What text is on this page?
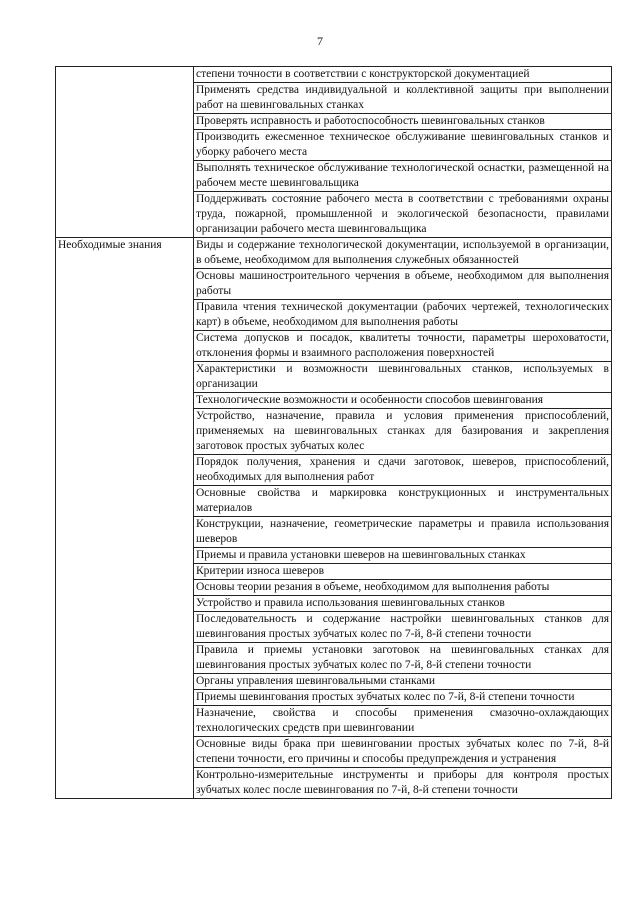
7
	степени точности в соответствии с конструкторской документацией
	Применять средства индивидуальной и коллективной защиты при выполнении работ на шевинговальных станках
	Проверять исправность и работоспособность шевинговальных станков
	Производить ежесменное техническое обслуживание шевинговальных станков и уборку рабочего места
	Выполнять техническое обслуживание технологической оснастки, размещенной на рабочем месте шевинговальщика
	Поддерживать состояние рабочего места в соответствии с требованиями охраны труда, пожарной, промышленной и экологической безопасности, правилами организации рабочего места шевинговальщика
Необходимые знания	Виды и содержание технологической документации, используемой в организации, в объеме, необходимом для выполнения служебных обязанностей
	Основы машиностроительного черчения в объеме, необходимом для выполнения работы
	Правила чтения технической документации (рабочих чертежей, технологических карт) в объеме, необходимом для выполнения работы
	Система допусков и посадок, квалитеты точности, параметры шероховатости, отклонения формы и взаимного расположения поверхностей
	Характеристики и возможности шевинговальных станков, используемых в организации
	Технологические возможности и особенности способов шевингования
	Устройство, назначение, правила и условия применения приспособлений, применяемых на шевинговальных станках для базирования и закрепления заготовок простых зубчатых колес
	Порядок получения, хранения и сдачи заготовок, шеверов, приспособлений, необходимых для выполнения работ
	Основные свойства и маркировка конструкционных и инструментальных материалов
	Конструкции, назначение, геометрические параметры и правила использования шеверов
	Приемы и правила установки шеверов на шевинговальных станках
	Критерии износа шеверов
	Основы теории резания в объеме, необходимом для выполнения работы
	Устройство и правила использования шевинговальных станков
	Последовательность и содержание настройки шевинговальных станков для шевингования простых зубчатых колес по 7-й, 8-й степени точности
	Правила и приемы установки заготовок на шевинговальных станках для шевингования простых зубчатых колес по 7-й, 8-й степени точности
	Органы управления шевинговальными станками
	Приемы шевингования простых зубчатых колес по 7-й, 8-й степени точности
	Назначение, свойства и способы применения смазочно-охлаждающих технологических средств при шевинговании
	Основные виды брака при шевинговании простых зубчатых колес по 7-й, 8-й степени точности, его причины и способы предупреждения и устранения
	Контрольно-измерительные инструменты и приборы для контроля простых зубчатых колес после шевингования по 7-й, 8-й степени точности
